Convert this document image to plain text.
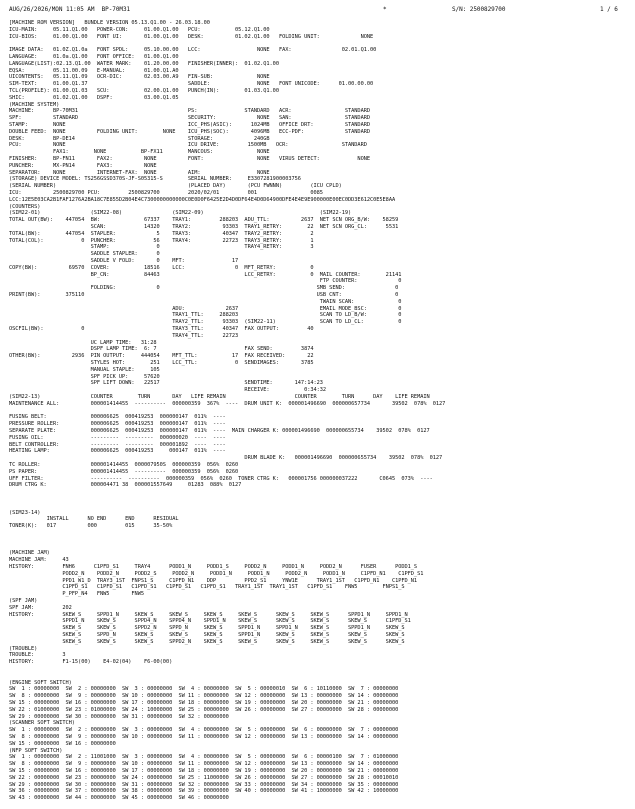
AUG/26/2026/MON 11:05 AM  BP-70M31	*	S/N: 2500829700	1 / 6
[MACHINE ROM VERSION]   BUNDLE VERSION 05.13.Q1.00 - 26.03.18.00
ICU-MAIN:     05.11.Q1.00   POWER-CON:     01.00.Q1.00   PCU:           05.12.Q1.00
ICU-BIOS:     01.00.Q1.00   FONT UI:       01.00.Q1.00   DESK:          01.02.Q1.00   FOLDING UNIT:             NONE
IMAGE DATA:   01.0Z.Q1.0a   FONT SPDL:     05.10.00.00   LCC:                  NONE   FAX:                02.01.Q1.00
LANGUAGE:     01.0a.Q1.00   FONT OFFICE:   01.00.Q1.00
LANGUAGE(LIST):02.13.Q1.00  WATER MARK:    01.20.00.00   FINISHER(INNER):  01.02.Q1.00
EQSA:         05.11.00.09   E-MANUAL:      01.00.Q1.A0
UICONTENTS:   05.11.Q1.09   OCR-DIC:       02.03.00.A9   FIN-SUB:              NONE
SIM-TEXT:     01.00.Q1.37                                SADDLE:               NONE   FONT UNICODE:      01.00.00.00
TCL(PROFILE): 01.00.Q1.03   SCU:           02.00.Q1.00   PUNCH(IN):        01.03.Q1.00
SHIC:         01.02.Q1.00   DSPF:          03.00.Q1.05
(MACHINE SYSTEM)
MACHINE:      BP-70M31                                   PS:               STANDARD   ACR:                 STANDARD
SPF:          STANDARD                                   SECURITY:             NONE   SAN:                 STANDARD
STAMP:        NONE                                       ICC_PHS(ASIC):      1024MB   OFFICE DRT:          STANDARD
DOUBLE FEED:  NONE          FOLDING UNIT:        NONE    ICU_PHS(SOC):       4096MB   ECC-PDF:             STANDARD
DESK:         BP-DE14                                    STORAGE:             240GB
PCU:          NONE                                       ICU DRIVE:         1500MB   OCR:                 STANDARD
FAX1:        NONE           BP-FX11        MANCOUS:              NONE
FINISHER:     BP-FN11       FAX2:          NONE          FONT:                 NONE   VIRUS DETECT:            NONE
PUNCHER:      MX-PN14       FAX3:          NONE
SEPARATOR:    NONE          INTERNET-FAX:  NONE          AIM:                  NONE
(STORAGE) DEVICE MODEL: TS256GSSD370S-JF-S05315-S        SERIAL NUMBER:     E3307281900003756
(SERIAL NUMBER)                                          (PLACED DAY)       (PCU FWNNN)         (ICU CPLD)
ICU:          2500829700 PCU:         2500829700         2020/02/01         001                 0085
LCC:12E5E03CA2B1FAF1276A2BA18C7E855D2B04E4C7300000000000C0E0D0F6425E2D4D0DF64E4D0D64900DFE4E4E9E900000E00EC0DD3E612C0E5E8AA
(COUNTERS)
(SIM22-01)                (SIM22-08)                (SIM22-09)                                     (SIM22-19)
TOTAL OUT(BW):    447054  BW:              67337    TRAY1:         288203  ADU_TTL:          2637  NET SCN ORG_B/W:    58259
SCAN:            14320    TRAY2:          93303  TRAY1_RETRY:        22  NET SCN ORG_CL:      5531
TOTAL(BW):        447054  STAPLER:             5    TRAY3:          40347  TRAY2_RETRY:         2
TOTAL(COL):            0  PUNCHER:            56    TRAY4:          22723  TRAY3_RETRY:         1
STAMP:               0                           TRAY4_RETRY:         3
SADDLE STAPLER:      0
SADDLE V FOLD:       0    MFT:               17
COPY(BW):          69570  COVER:           18516    LCC:                0  MFT_RETRY:           0
BP_CN:           84463                           LCC_RETRY:           0  MAIL COUNTER:        21141
FTP COUNTER:             0
FOLDING:             0                                                  SMB SEND:                0
PRINT(BW):        375110                                                                          USB CNT:                 0
TWAIN SCAN:              0
ADU:             2637                          EMAIL MODE_BSC:          0
TRAY1_TTL:     288203                          SCAN TO LD_B/W:          0
TRAY2_TTL:      93303  (SIM22-11)              SCAN TO LD_CL:           0
OSCFIL(BW):            0                            TRAY3_TTL:      40347  FAX OUTPUT:         40
TRAY4_TTL:      22723
UC LAMP TIME:   31:28
DSPF LAMP TIME:  6: 7                            FAX SEND:         3874
OTHER(BW):          2936  PIN OUTPUT:     444054    MFT_TTL:           17  FAX RECEIVED:       22
STYLES HOT:        251    LCC_TTL:            0  SENDIMAGES:       3785
MANUAL STAPLE:     105
SPF PICK UP:     57620
SPF LIFT DOWN:   22517                           SENDTIME:       147:14:23
RECEIVE:           0:34:32
(SIM22-13)                COUNTER        TURN       DAY   LIFE REMAIN                      COUNTER        TURN      DAY    LIFE REMAIN
MAINTENANCE ALL:          000001414455  ----------  000000359  367%  ----  DRUM UNIT K:  000001496690  000000657734       39502  078%  0127
FUSING BELT:              000006625  000419253  000000147  011%  ----
PRESSURE ROLLER:          000006625  000419253  000000147  011%  ----
SEPARATE PLATE:           000006625  000419253  000000147  011%  ----  MAIN CHARGER K: 000001496690  000000655734    39502  078%  0127
FUSING OIL:               ---------  ---------  000000020  ----  ----
BELT CONTROLLER:          ---------  ---------  000001892  ----  ----
HEATING LAMP:             000006625  000419253     000147  011%  ----
DRUM BLADE K:   000001496690  000000655734    39502  078%  0127
TC ROLLER:                000001414455  000007950S  000000359  056%  0260
PS PAPER:                 000001414455  ----------  000000359  056%  0260
UFF FILTER:               ----------  ----------  000000359  056%  0260  TONER CTRG K:   000001756 000000037222       C0645  073%  ----
DRUM CTRG K:              000004471 38  000001557649     01283  088%  0127
(SIM23-14)
INSTALL      NO END      END      RESIDUAL
TONER(K):   017          000         015      35-50%
(MACHINE JAM)
MACHINE JAM:     43
HISTORY:         FNH6      C1PFD_S1     TRAY4      PODD1_N     PODD1_S     PODD2_N     PODD1_N     PODD2_N      FUSER      PODD1_S
PODD2_N    PODD2_N     PODD2_S     PODD2_N     PODD1_N     PODD1_N     PODD2_N     PODD1_N     C1PFD_N1    C1PFD_S1
PPD1_W1_D  TRAY3_1ST  FNPS1_S     C1PFD_N1    DDP         PPD2_S1     YNW1E      TRAY1_1ST   C1PFD_N1    C1PFD_N1
C1PFD_S1   C1PFD_S1   C1PFD_S1   C1PFD_S1   C1PFD_S1   TRAY1_1ST  TRAY1_1ST   C1PFD_S1    FNW5        FNPS1_S
P_PFP_N4   FNW5       FNW5
(SPF JAM)
SPF JAM:         202
HISTORY:         SKEW_S     SPPD1_N     SKEW_S     SKEW_S     SKEW_S     SKEW_S      SKEW_S     SKEW_S      SPPD1_N     SPPD1_N
SPPD1_N    SKEW_S      SPPD4_N    SPPD4_N    SPPD1_N    SKEW_S      SKEW_S     SKEW_S      SKEW_S      C1PFD_S1
SKEW_S     SKEW_S      SPPD2_N    SPPD_N     SKEW_S     SPPD1_N     SPPD1_N    SKEW_S      SPPD1_N     SKEW_S
SKEW_S     SPPD_N      SKEW_S     SKEW_S     SKEW_S     SPPD1_N     SKEW_S     SKEW_S      SKEW_S      SKEW_S
SKEW_S     SKEW_S      SKEW_S     SPPD2_N    SKEW_S     SKEW_S      SKEW_S     SKEW_S      SKEW_S      SKEW_S
(TROUBLE)
TROUBLE:         3
HISTORY:         F1-15(00)    E4-02(04)    F6-00(00)
(ENGINE SOFT SWITCH)
SW  1 : 00000000  SW  2 : 00000000  SW  3 : 00000000  SW  4 : 00000000  SW  5 : 00000010  SW  6 : 10110000  SW  7 : 00000000
SW  8 : 00000000  SW  9 : 00000000  SW 10 : 00000000  SW 11 : 00000000  SW 12 : 00000000  SW 13 : 00000000  SW 14 : 00000000
SW 15 : 00000000  SW 16 : 00000000  SW 17 : 00000000  SW 18 : 00000000  SW 19 : 00000000  SW 20 : 00000000  SW 21 : 00000000
SW 22 : 01000000  SW 23 : 01000000  SW 24 : 10000000  SW 25 : 00000000  SW 26 : 00000000  SW 27 : 00000000  SW 28 : 00000000
SW 29 : 00000000  SW 30 : 00000000  SW 31 : 00000000  SW 32 : 00000000
(SCANNER SOFT SWITCH)
SW  1 : 00000000  SW  2 : 00000000  SW  3 : 00000000  SW  4 : 00000000  SW  5 : 00000000  SW  6 : 00000000  SW  7 : 00000000
SW  8 : 00000000  SW  9 : 00000000  SW 10 : 00000000  SW 11 : 00000000  SW 12 : 00000000  SW 13 : 00000000  SW 14 : 00000000
SW 15 : 00000000  SW 16 : 00000000
(NFP SOFT SWITCH)
SW  1 : 00000000  SW  2 : 11001000  SW  3 : 00000000  SW  4 : 00000000  SW  5 : 00000000  SW  6 : 00000100  SW  7 : 01000000
SW  8 : 00000000  SW  9 : 00000000  SW 10 : 00000000  SW 11 : 00000000  SW 12 : 00000000  SW 13 : 00000000  SW 14 : 00000000
SW 15 : 00000000  SW 16 : 00000000  SW 17 : 00000000  SW 18 : 00000000  SW 19 : 00000000  SW 20 : 00000000  SW 21 : 00000000
SW 22 : 00000000  SW 23 : 00000000  SW 24 : 00000000  SW 25 : 11000000  SW 26 : 00000000  SW 27 : 00000000  SW 28 : 00010010
SW 29 : 00000000  SW 30 : 00000000  SW 31 : 00000000  SW 32 : 00000000  SW 33 : 00000000  SW 34 : 00000000  SW 35 : 00000000
SW 36 : 00000000  SW 37 : 00000000  SW 38 : 00000000  SW 39 : 00000000  SW 40 : 00000000  SW 41 : 10000000  SW 42 : 10000000
SW 43 : 00000000  SW 44 : 00000000  SW 45 : 00000000  SW 46 : 00000000
